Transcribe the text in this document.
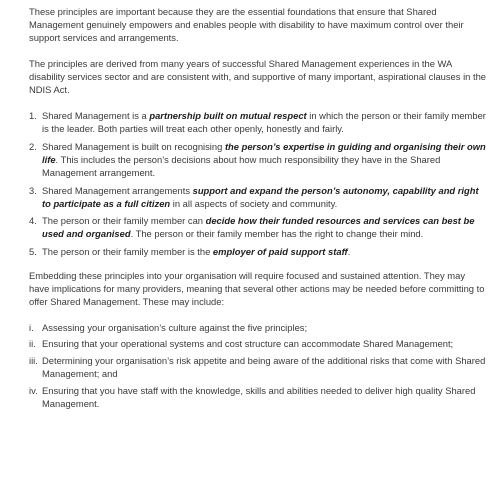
These principles are important because they are the essential foundations that ensure that Shared Management genuinely empowers and enables people with disability to have maximum control over their support services and arrangements.

The principles are derived from many years of successful Shared Management experiences in the WA disability services sector and are consistent with, and supportive of many important, aspirational clauses in the NDIS Act.

1. Shared Management is a partnership built on mutual respect in which the person or their family member is the leader. Both parties will treat each other openly, honestly and fairly.
2. Shared Management is built on recognising the person’s expertise in guiding and organising their own life. This includes the person’s decisions about how much responsibility they have in the Shared Management arrangement.
3. Shared Management arrangements support and expand the person’s autonomy, capability and right to participate as a full citizen in all aspects of society and community.
4. The person or their family member can decide how their funded resources and services can best be used and organised. The person or their family member has the right to change their mind.
5. The person or their family member is the employer of paid support staff.

Embedding these principles into your organisation will require focused and sustained attention. They may have implications for many providers, meaning that several other actions may be needed before committing to offer Shared Management. These may include:

i. Assessing your organisation’s culture against the five principles;
ii. Ensuring that your operational systems and cost structure can accommodate Shared Management;
iii. Determining your organisation’s risk appetite and being aware of the additional risks that come with Shared Management; and
iv. Ensuring that you have staff with the knowledge, skills and abilities needed to deliver high quality Shared Management.
